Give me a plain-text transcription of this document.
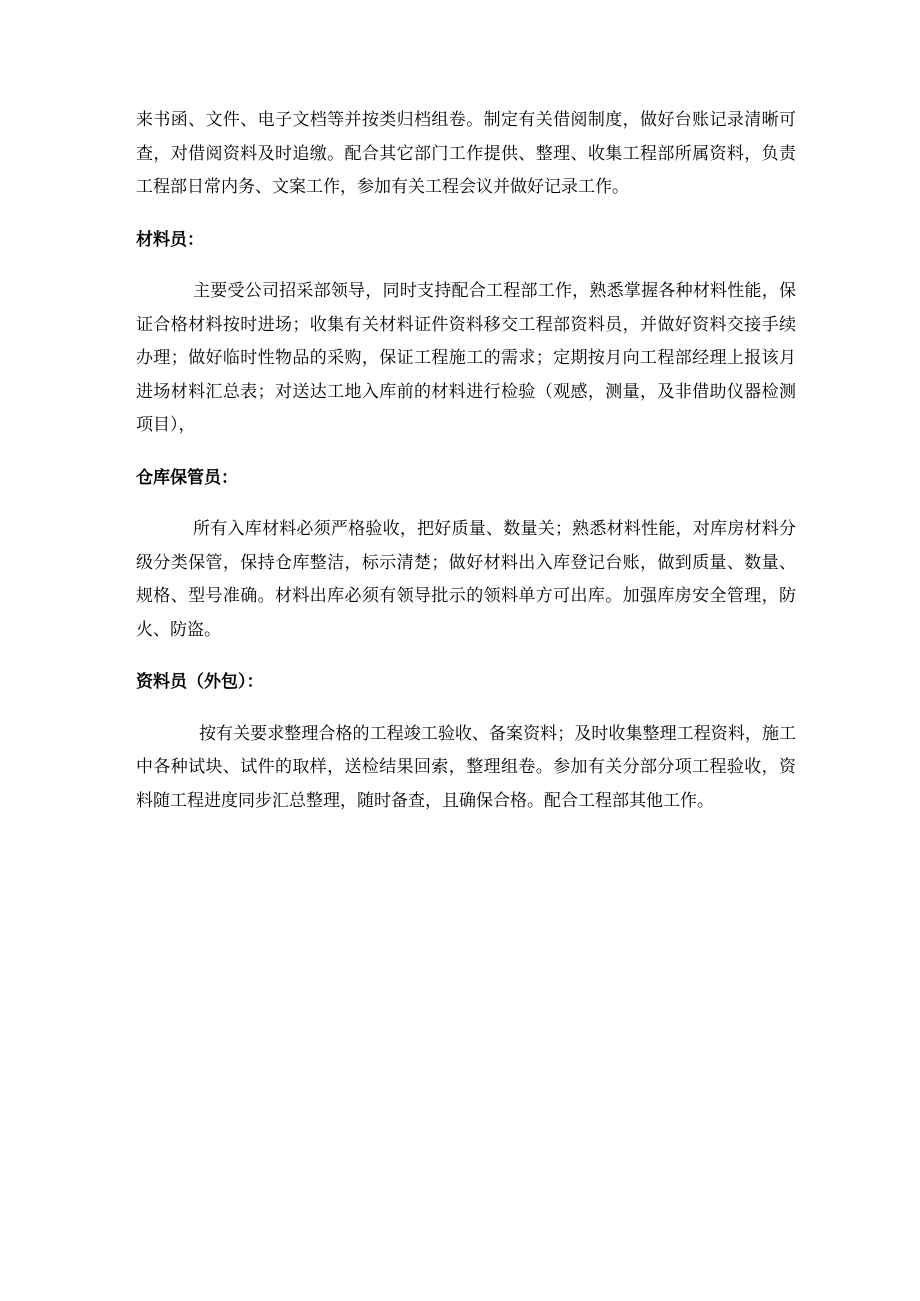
来书函、文件、电子文档等并按类归档组卷。制定有关借阅制度，做好台账记录清晰可查，对借阅资料及时追缴。配合其它部门工作提供、整理、收集工程部所属资料，负责工程部日常内务、文案工作，参加有关工程会议并做好记录工作。

材料员：

主要受公司招采部领导，同时支持配合工程部工作，熟悉掌握各种材料性能，保证合格材料按时进场；收集有关材料证件资料移交工程部资料员，并做好资料交接手续办理；做好临时性物品的采购，保证工程施工的需求；定期按月向工程部经理上报该月进场材料汇总表；对送达工地入库前的材料进行检验（观感，测量，及非借助仪器检测项目），

仓库保管员：

所有入库材料必须严格验收，把好质量、数量关；熟悉材料性能，对库房材料分级分类保管，保持仓库整洁，标示清楚；做好材料出入库登记台账，做到质量、数量、规格、型号准确。材料出库必须有领导批示的领料单方可出库。加强库房安全管理，防火、防盗。

资料员（外包）：

按有关要求整理合格的工程竣工验收、备案资料；及时收集整理工程资料，施工中各种试块、试件的取样，送检结果回索，整理组卷。参加有关分部分项工程验收，资料随工程进度同步汇总整理，随时备查，且确保合格。配合工程部其他工作。
